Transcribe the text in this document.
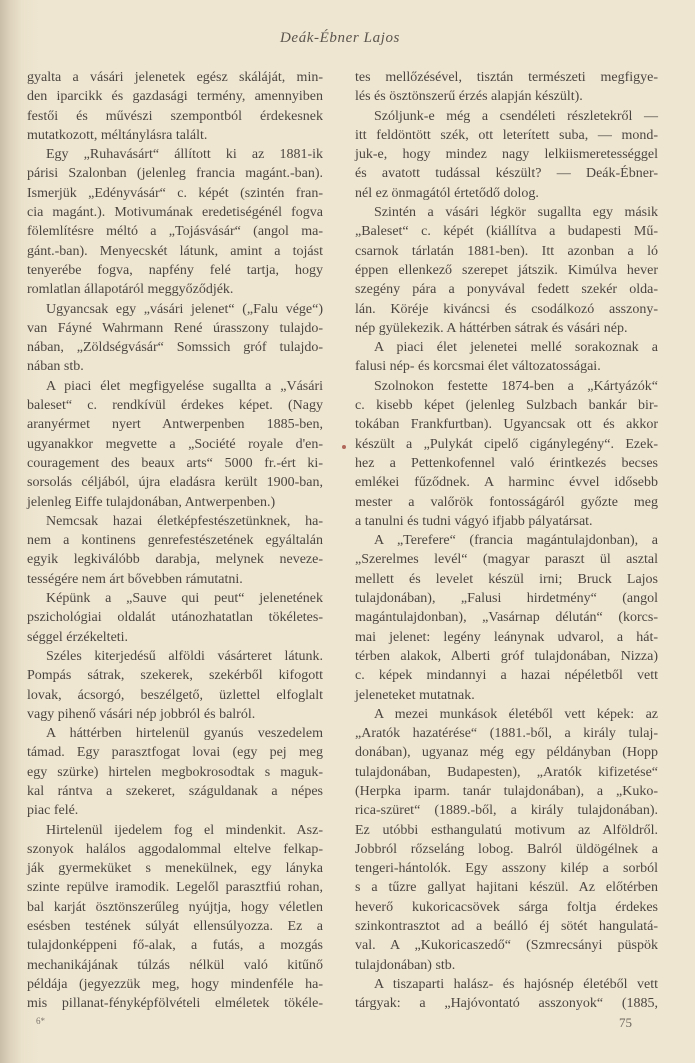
Deák-Ébner Lajos
gyalta a vásári jelenetek egész skáláját, min-
den iparcikk és gazdasági termény, amennyiben
festői és művészi szempontból érdekesnek
mutatkozott, méltánylásra talált.
Egy „Ruhavásárt“ állított ki az 1881-ik
párisi Szalonban (jelenleg francia magánt.-ban).
Ismerjük „Edényvásár“ c. képét (szintén fran-
cia magánt.). Motivumának eredetiségénél fogva
fölemlítésre méltó a „Tojásvásár“ (angol ma-
gánt.-ban). Menyecskét látunk, amint a tojást
tenyerébe fogva, napfény felé tartja, hogy
romlatlan állapotáról meggyőződjék.
Ugyancsak egy „vásári jelenet“ („Falu vége“)
van Fáyné Wahrmann René úrasszony tulajdo-
nában, „Zöldségvásár“ Somssich gróf tulajdo-
nában stb.
A piaci élet megfigyelése sugallta a „Vásári
baleset“ c. rendkívül érdekes képet. (Nagy
aranyérmet nyert Antwerpenben 1885-ben,
ugyanakkor megvette a „Société royale d'en-
couragement des beaux arts“ 5000 fr.-ért ki-
sorsolás céljából, újra eladásra került 1900-ban,
jelenleg Eiffe tulajdonában, Antwerpenben.)
Nemcsak hazai életképfestészetünknek, ha-
nem a kontinens genrefestészetének egyáltalán
egyik legkiválóbb darabja, melynek neveze-
tességére nem árt bővebben rámutatni.
Képünk a „Sauve qui peut“ jelenetének
pszichológiai oldalát utánozhatatlan tökéletes-
séggel érzékelteti.
Széles kiterjedésű alföldi vásárteret látunk.
Pompás sátrak, szekerek, szekérből kifogott
lovak, ácsorgó, beszélgető, üzlettel elfoglalt
vagy pihenő vásári nép jobbról és balról.
A háttérben hirtelenül gyanús veszedelem
támad. Egy parasztfogat lovai (egy pej meg
egy szürke) hirtelen megbokrosodtak s maguk-
kal rántva a szekeret, száguldanak a népes
piac felé.
Hirtelenül ijedelem fog el mindenkit. Asz-
szonyok halálos aggodalommal eltelve felkap-
ják gyermeküket s menekülnek, egy lányka
szinte repülve iramodik. Legelől parasztfiú rohan,
bal karját ösztönszerűleg nyújtja, hogy véletlen
esésben testének súlyát ellensúlyozza. Ez a
tulajdonképpeni fő-alak, a futás, a mozgás
mechanikájának túlzás nélkül való kitűnő
példája (jegyezzük meg, hogy mindenféle ha-
mis pillanat-fényképfölvételi elméletek tökéle-
tes mellőzésével, tisztán természeti megfigye-
lés és ösztönszerű érzés alapján készült).
Szóljunk-e még a csendéleti részletekről —
itt feldöntött szék, ott leterített suba, — mond-
juk-e, hogy mindez nagy lelkiismeretességgel
és avatott tudással készült? — Deák-Ébner-
nél ez önmagától értetődő dolog.
Szintén a vásári légkör sugallta egy másik
„Baleset“ c. képét (kiállítva a budapesti Mű-
csarnok tárlatán 1881-ben). Itt azonban a ló
éppen ellenkező szerepet játszik. Kimúlva hever
szegény pára a ponyvával fedett szekér olda-
lán. Köréje kiváncsi és csodálkozó asszony-
nép gyülekezik. A háttérben sátrak és vásári nép.
A piaci élet jelenetei mellé sorakoznak a
falusi nép- és korcsmai élet változatosságai.
Szolnokon festette 1874-ben a „Kártyázók“
c. kisebb képet (jelenleg Sulzbach bankár bir-
tokában Frankfurtban). Ugyancsak ott és akkor
készült a „Pulykát cipelő cigánylegény“. Ezek-
hez a Pettenkofennel való érintkezés becses
emlékei fűződnek. A harminc évvel idősebb
mester a valőrök fontosságáról győzte meg
a tanulni és tudni vágyó ifjabb pályatársat.
A „Terefere“ (francia magántulajdonban), a
„Szerelmes levél“ (magyar paraszt ül asztal
mellett és levelet készül irni; Bruck Lajos
tulajdonában), „Falusi hirdetmény“ (angol
magántulajdonban), „Vasárnap délután“ (korcs-
mai jelenet: legény leánynak udvarol, a hát-
térben alakok, Alberti gróf tulajdonában, Nizza)
c. képek mindannyi a hazai népéletből vett
jeleneteket mutatnak.
A mezei munkások életéből vett képek: az
„Aratók hazatérése“ (1881.-ből, a király tulaj-
donában), ugyanaz még egy példányban (Hopp
tulajdonában, Budapesten), „Aratók kifizetése“
(Herpka iparm. tanár tulajdonában), a „Kuko-
rica-szüret“ (1889.-ből, a király tulajdonában).
Ez utóbbi esthangulatú motivum az Alföldről.
Jobbról rőzseláng lobog. Balról üldögélnek a
tengeri-hántolók. Egy asszony kilép a sorból
s a tűzre gallyat hajitani készül. Az előtérben
heverő kukoricacsövek sárga foltja érdekes
szinkontrasztot ad a beálló éj sötét hangulatá-
val. A „Kukoricaszedő“ (Szmrecsányi püspök
tulajdonában) stb.
A tiszaparti halász- és hajósnép életéből vett
tárgyak: a „Hajóvontató asszonyok“ (1885,
6*	75
